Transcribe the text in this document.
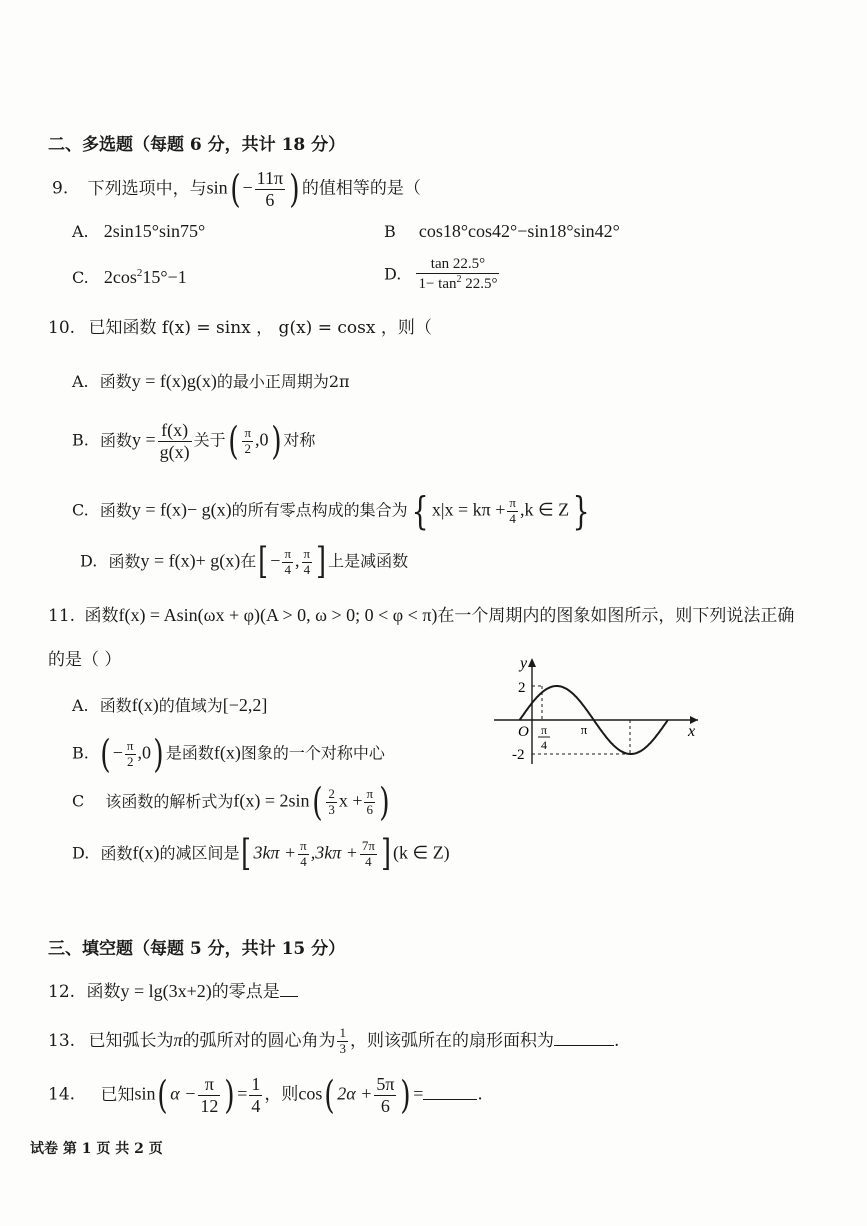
二、多选题（每题 6 分，共计 18 分）
9. 下列选项中，与$\sin( - \frac{11\pi}{6}$ ) 的值相等的是（
A. 2sin15°sin75°	B cos18°cos42°−sin18°sin42°
C. $2\cos^215^\circ-1$	D. $\frac{\tan 22.5^\circ}{1- \tan^2 22.5^\circ}$
10. 已知函数 f(x) = sinx ， g(x) = cosx ，则（
A. 函数y = f(x)g(x)的最小正周期为2π
B. 函数$y = \frac{f(x)}{g(x)}$ 关于( $\frac{\pi}{2} ,0$) 对称
C. 函数y = f(x)− g(x)的所有零点构成的集合为{ $x|x = k\pi + \frac{\pi}{4} ,k$ ∈ Z}
D. 函数y = f(x)+ g(x)在[ − $\frac{\pi}{4}$ , $\frac{\pi}{4}$ ] 上是减函数
11. 函数f(x) = Asin(ωx + φ)(A > 0, ω > 0; 0 < φ < π)在一个周期内的图象如图所示，则下列说法正确
的是（ ）
A. 函数f(x)的值域为[−2,2]
B. ( − $\frac{\pi}{2} ,0$) 是函数f(x)图象的一个对称中心
C 该函数的解析式为$f(x) = 2\sin( \frac{2}{3}$ $x + \frac{\pi}{6}$ )
D. 函数f(x)的减区间是[ $3k\pi + \frac{\pi}{4} ,3k\pi + \frac{7\pi}{4}$ ] (k ∈ Z)
y
x
O
2
-2
π
4
π
三、填空题（每题 5 分，共计 15 分）
12. 函数y = lg(3x+2)的零点是
13. 已知弧长为π的弧所对的圆心角为 $\frac{1}{3}$ ，则该弧所在的扇形面积为	.
14. 已知sin( $\alpha - \frac{\pi}{12}$ ) = $\frac{1}{4}$ ，则cos( $2\alpha + \frac{5\pi}{6}$ ) =	.
试卷 第 1 页 共 2 页
